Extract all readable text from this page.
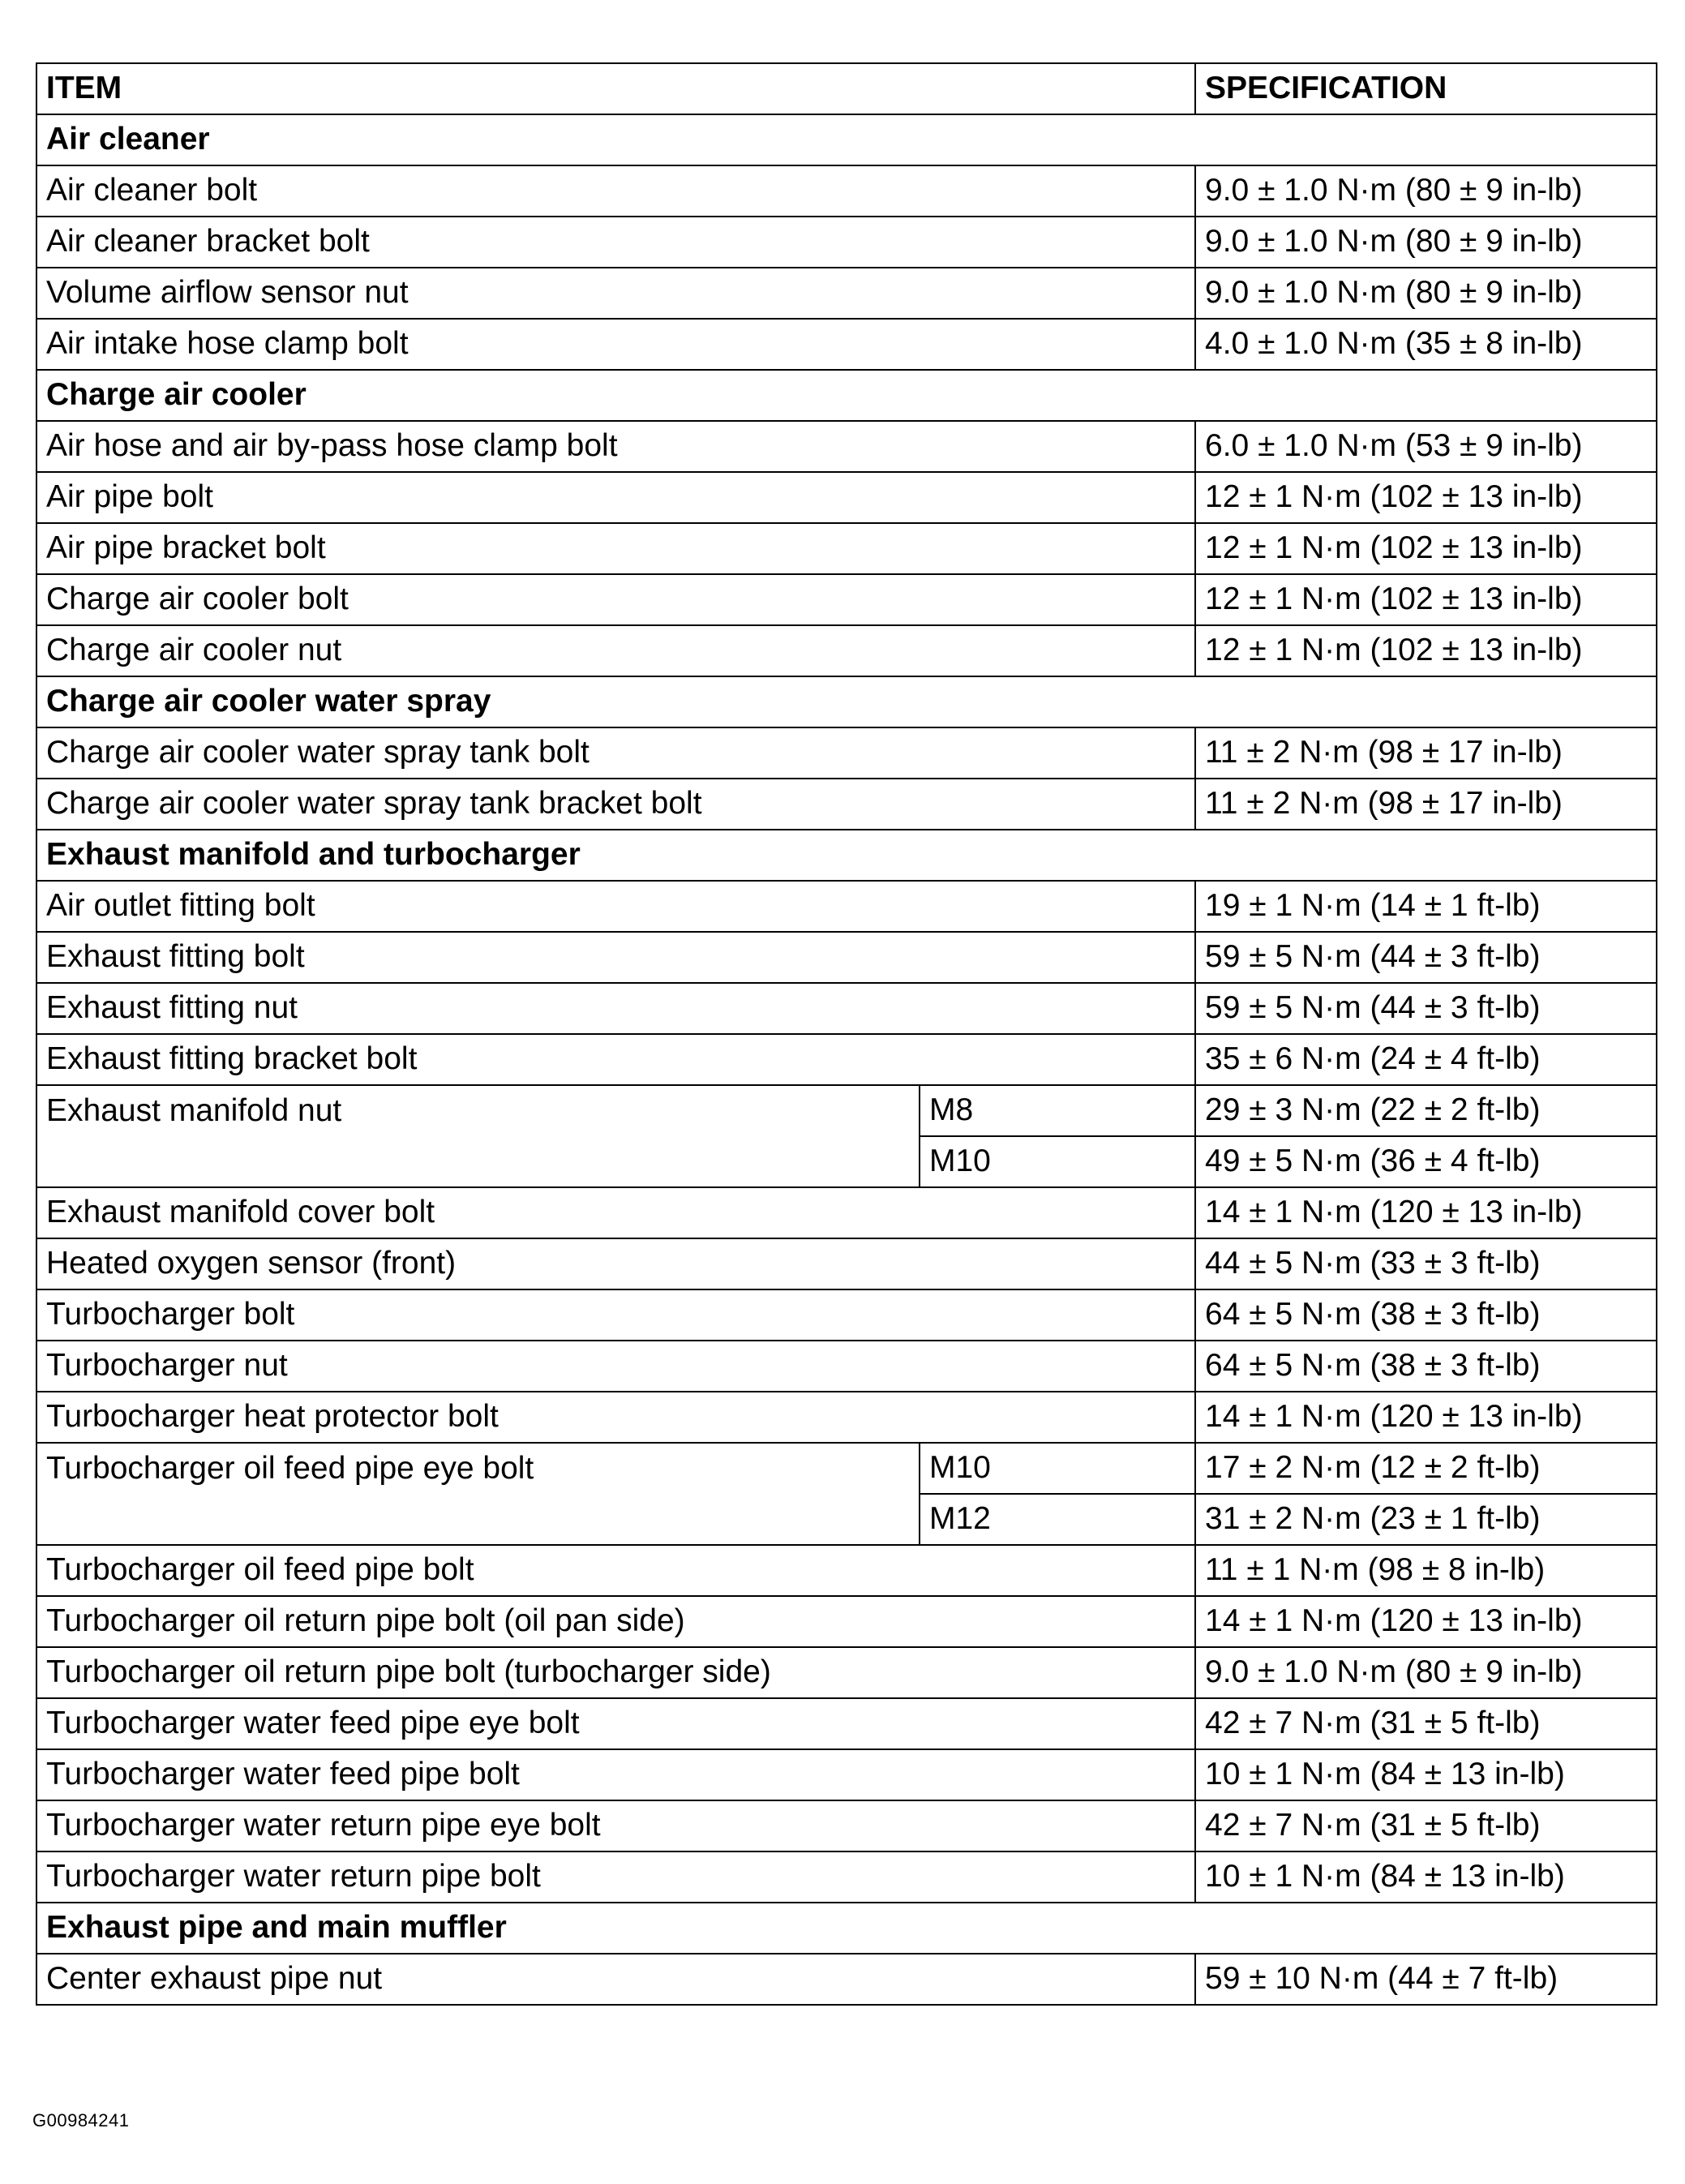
ITEM		SPECIFICATION
Air cleaner		
Air cleaner bolt		9.0 ± 1.0 N·m (80 ± 9 in-lb)
Air cleaner bracket bolt		9.0 ± 1.0 N·m (80 ± 9 in-lb)
Volume airflow sensor nut		9.0 ± 1.0 N·m (80 ± 9 in-lb)
Air intake hose clamp bolt		4.0 ± 1.0 N·m (35 ± 8 in-lb)
Charge air cooler		
Air hose and air by-pass hose clamp bolt		6.0 ± 1.0 N·m (53 ± 9 in-lb)
Air pipe bolt		12 ± 1 N·m (102 ± 13 in-lb)
Air pipe bracket bolt		12 ± 1 N·m (102 ± 13 in-lb)
Charge air cooler bolt		12 ± 1 N·m (102 ± 13 in-lb)
Charge air cooler nut		12 ± 1 N·m (102 ± 13 in-lb)
Charge air cooler water spray		
Charge air cooler water spray tank bolt		11 ± 2 N·m (98 ± 17 in-lb)
Charge air cooler water spray tank bracket bolt		11 ± 2 N·m (98 ± 17 in-lb)
Exhaust manifold and turbocharger		
Air outlet fitting bolt		19 ± 1 N·m (14 ± 1 ft-lb)
Exhaust fitting bolt		59 ± 5 N·m (44 ± 3 ft-lb)
Exhaust fitting nut		59 ± 5 N·m (44 ± 3 ft-lb)
Exhaust fitting bracket bolt		35 ± 6 N·m (24 ± 4 ft-lb)
Exhaust manifold nut	M8	29 ± 3 N·m (22 ± 2 ft-lb)
	M10	49 ± 5 N·m (36 ± 4 ft-lb)
Exhaust manifold cover bolt		14 ± 1 N·m (120 ± 13 in-lb)
Heated oxygen sensor (front)		44 ± 5 N·m (33 ± 3 ft-lb)
Turbocharger bolt		64 ± 5 N·m (38 ± 3 ft-lb)
Turbocharger nut		64 ± 5 N·m (38 ± 3 ft-lb)
Turbocharger heat protector bolt		14 ± 1 N·m (120 ± 13 in-lb)
Turbocharger oil feed pipe eye bolt	M10	17 ± 2 N·m (12 ± 2 ft-lb)
	M12	31 ± 2 N·m (23 ± 1 ft-lb)
Turbocharger oil feed pipe bolt		11 ± 1 N·m (98 ± 8 in-lb)
Turbocharger oil return pipe bolt (oil pan side)		14 ± 1 N·m (120 ± 13 in-lb)
Turbocharger oil return pipe bolt (turbocharger side)		9.0 ± 1.0 N·m (80 ± 9 in-lb)
Turbocharger water feed pipe eye bolt		42 ± 7 N·m (31 ± 5 ft-lb)
Turbocharger water feed pipe bolt		10 ± 1 N·m (84 ± 13 in-lb)
Turbocharger water return pipe eye bolt		42 ± 7 N·m (31 ± 5 ft-lb)
Turbocharger water return pipe bolt		10 ± 1 N·m (84 ± 13 in-lb)
Exhaust pipe and main muffler		
Center exhaust pipe nut		59 ± 10 N·m (44 ± 7 ft-lb)
G00984241
